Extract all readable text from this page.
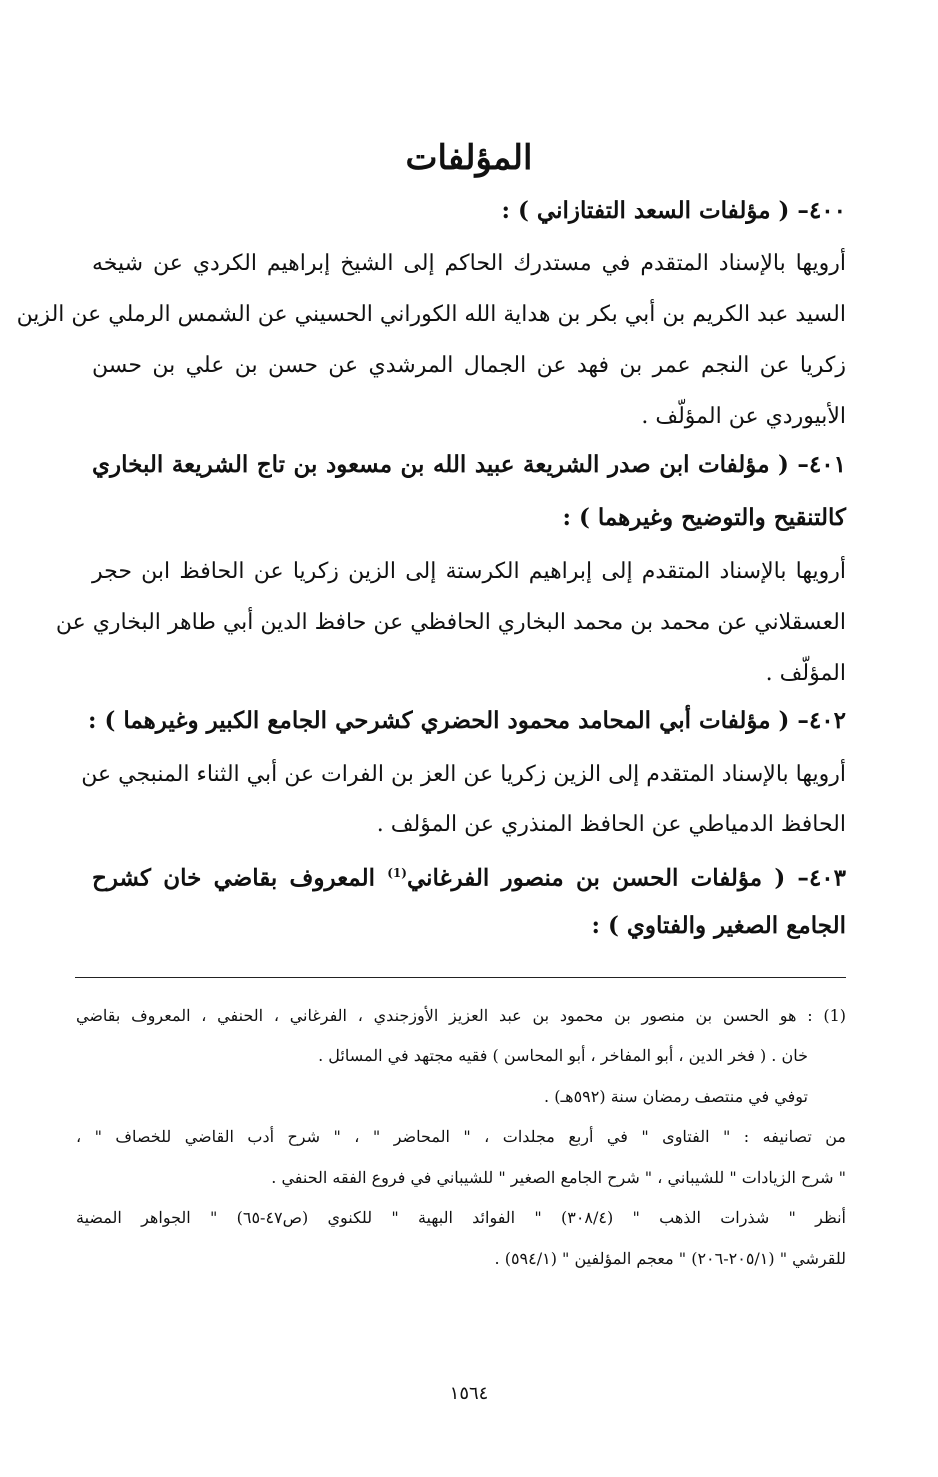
المؤلفات
٤٠٠– ( مؤلفات السعد التفتازاني ) :
أرويها بالإسناد المتقدم في مستدرك الحاكم إلى الشيخ إبراهيم الكردي عن شيخه
السيد عبد الكريم بن أبي بكر بن هداية الله الكوراني الحسيني عن الشمس الرملي عن الزين
زكريا عن النجم عمر بن فهد عن الجمال المرشدي عن حسن بن علي بن حسن
الأبيوردي عن المؤلّف .
٤٠١– ( مؤلفات ابن صدر الشريعة عبيد الله بن مسعود بن تاج الشريعة البخاري
كالتنقيح والتوضيح وغيرهما ) :
أرويها بالإسناد المتقدم إلى إبراهيم الكرستة إلى الزين زكريا عن الحافظ ابن حجر
العسقلاني عن محمد بن محمد البخاري الحافظي عن حافظ الدين أبي طاهر البخاري عن
المؤلّف .
٤٠٢– ( مؤلفات أبي المحامد محمود الحضري كشرحي الجامع الكبير وغيرهما ) :
أرويها بالإسناد المتقدم إلى الزين زكريا عن العز بن الفرات عن أبي الثناء المنبجي عن
الحافظ الدمياطي عن الحافظ المنذري عن المؤلف .
٤٠٣– ( مؤلفات الحسن بن منصور الفرغاني$^{(1)}$ المعروف بقاضي خان كشرح
الجامع الصغير والفتاوي ) :
(1) : هو الحسن بن منصور بن محمود بن عبد العزيز الأوزجندي ، الفرغاني ، الحنفي ، المعروف بقاضي
خان . ( فخر الدين ، أبو المفاخر ، أبو المحاسن ) فقيه مجتهد في المسائل .
توفي في منتصف رمضان سنة (٥٩٢هـ) .
من تصانيفه : " الفتاوى " في أربع مجلدات ، " المحاضر " ، " شرح أدب القاضي للخصاف " ،
" شرح الزيادات " للشيباني ، " شرح الجامع الصغير " للشيباني في فروع الفقه الحنفي .
أنظر " شذرات الذهب " (٣٠٨/٤) " الفوائد البهية " للكنوي (ص٤٧-٦٥) " الجواهر المضية
للقرشي " (٢٠٥/١-٢٠٦) " معجم المؤلفين " (٥٩٤/١) .
١٥٦٤
